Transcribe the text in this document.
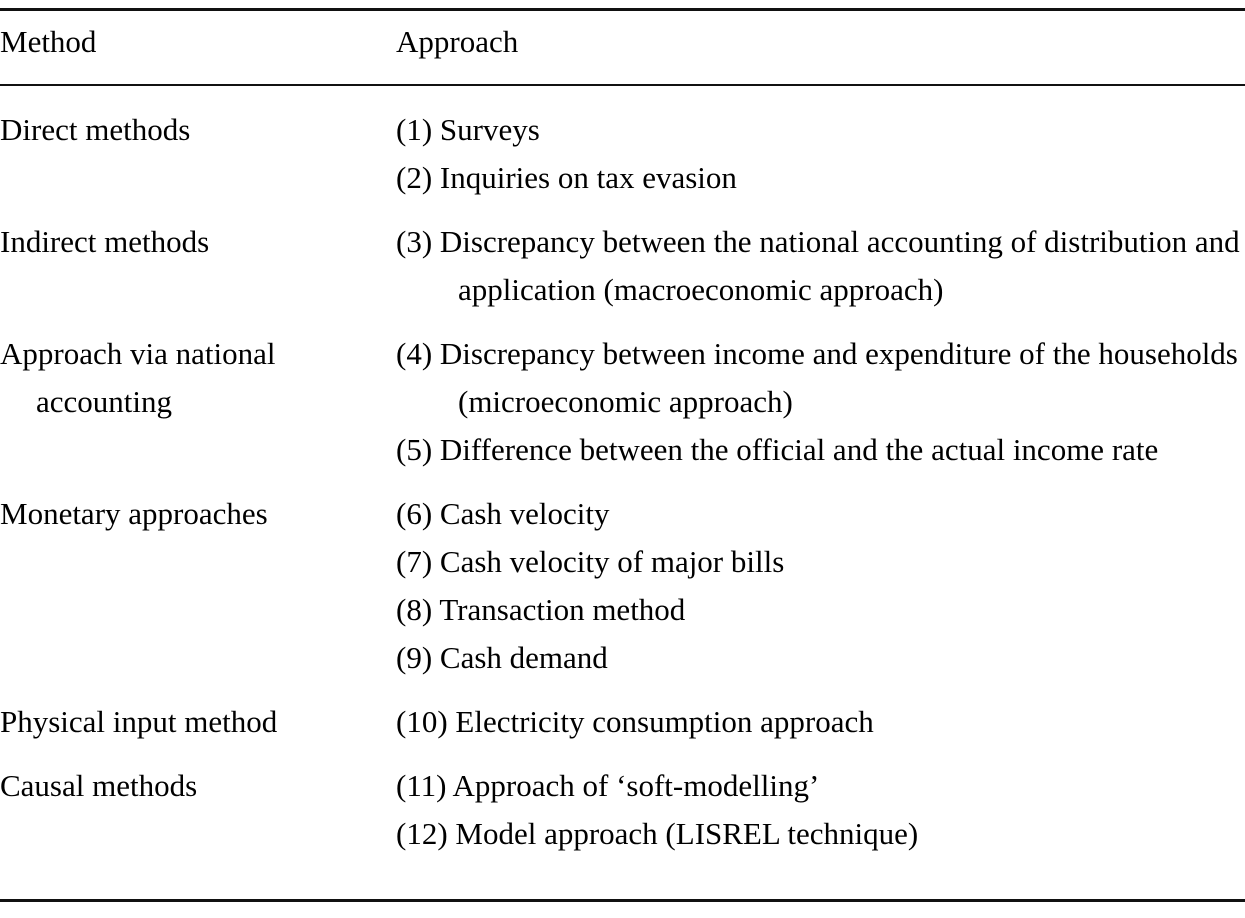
Method	Approach
Direct methods	(1) Surveys
(2) Inquiries on tax evasion

Indirect methods	(3) Discrepancy between the national accounting of distribution and application (macroeconomic approach)

Approach via national accounting	(4) Discrepancy between income and expenditure of the households (microeconomic approach)
(5) Difference between the official and the actual income rate

Monetary approaches	(6) Cash velocity
(7) Cash velocity of major bills
(8) Transaction method
(9) Cash demand

Physical input method	(10) Electricity consumption approach

Causal methods	(11) Approach of ‘soft-modelling’
(12) Model approach (LISREL technique)
